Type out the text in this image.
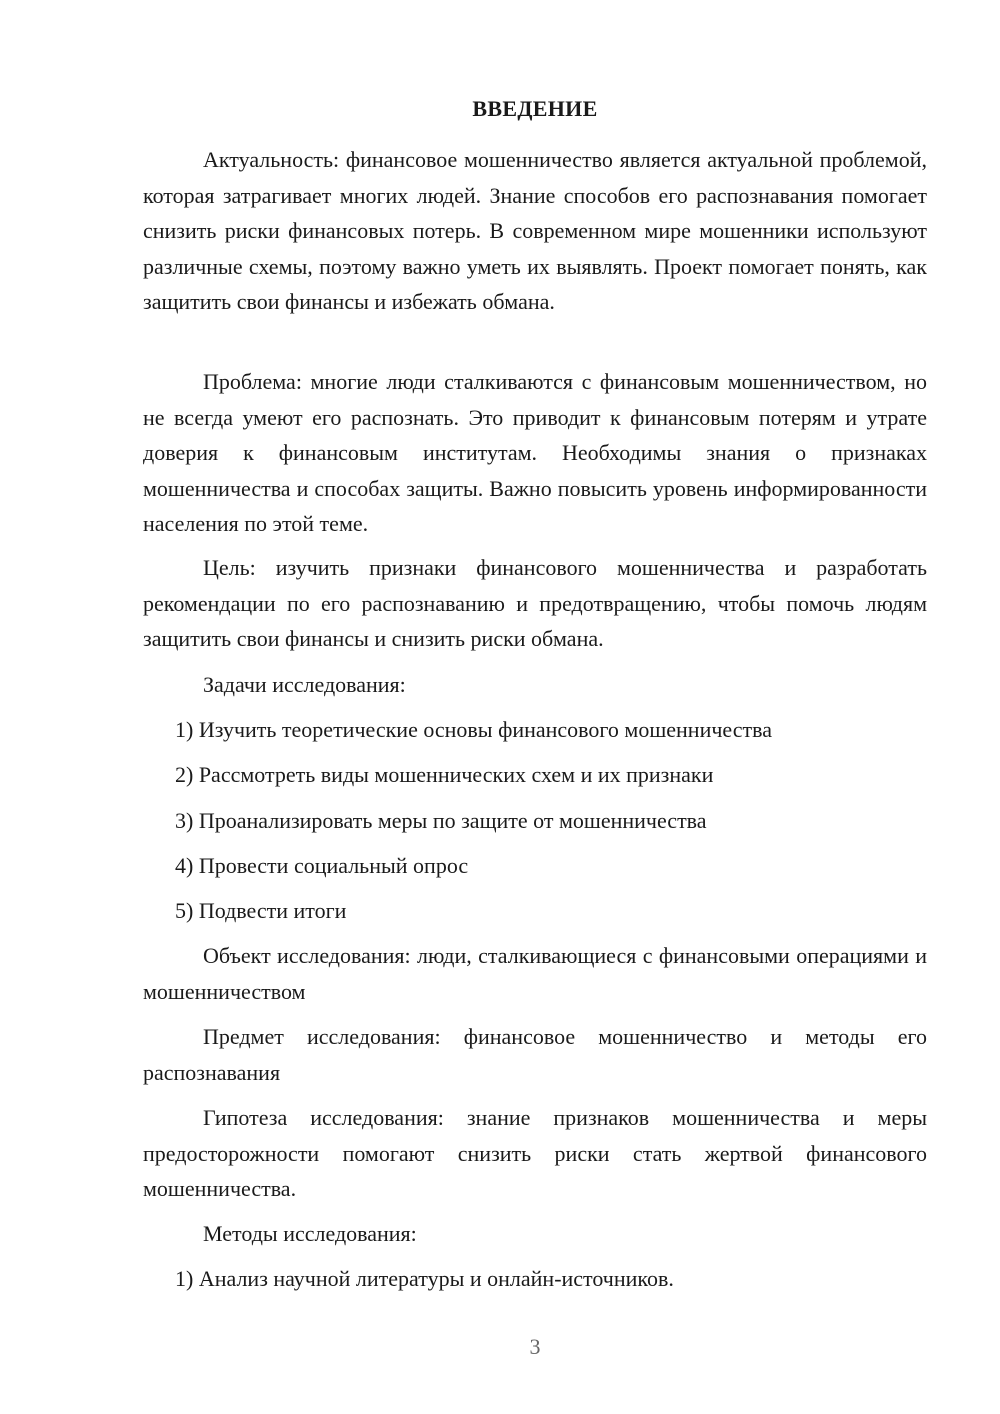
ВВЕДЕНИЕ

Актуальность: финансовое мошенничество является актуальной проблемой, которая затрагивает многих людей. Знание способов его распознавания помогает снизить риски финансовых потерь. В современном мире мошенники используют различные схемы, поэтому важно уметь их выявлять. Проект помогает понять, как защитить свои финансы и избежать обмана.

Проблема: многие люди сталкиваются с финансовым мошенничеством, но не всегда умеют его распознать. Это приводит к финансовым потерям и утрате доверия к финансовым институтам. Необходимы знания о признаках мошенничества и способах защиты. Важно повысить уровень информированности населения по этой теме.

Цель: изучить признаки финансового мошенничества и разработать рекомендации по его распознаванию и предотвращению, чтобы помочь людям защитить свои финансы и снизить риски обмана.

Задачи исследования:

1) Изучить теоретические основы финансового мошенничества

2) Рассмотреть виды мошеннических схем и их признаки

3) Проанализировать меры по защите от мошенничества

4) Провести социальный опрос

5) Подвести итоги

Объект исследования: люди, сталкивающиеся с финансовыми операциями и мошенничеством

Предмет исследования: финансовое мошенничество и методы его распознавания

Гипотеза исследования: знание признаков мошенничества и меры предосторожности помогают снизить риски стать жертвой финансового мошенничества.

Методы исследования:

1) Анализ научной литературы и онлайн-источников.

3
